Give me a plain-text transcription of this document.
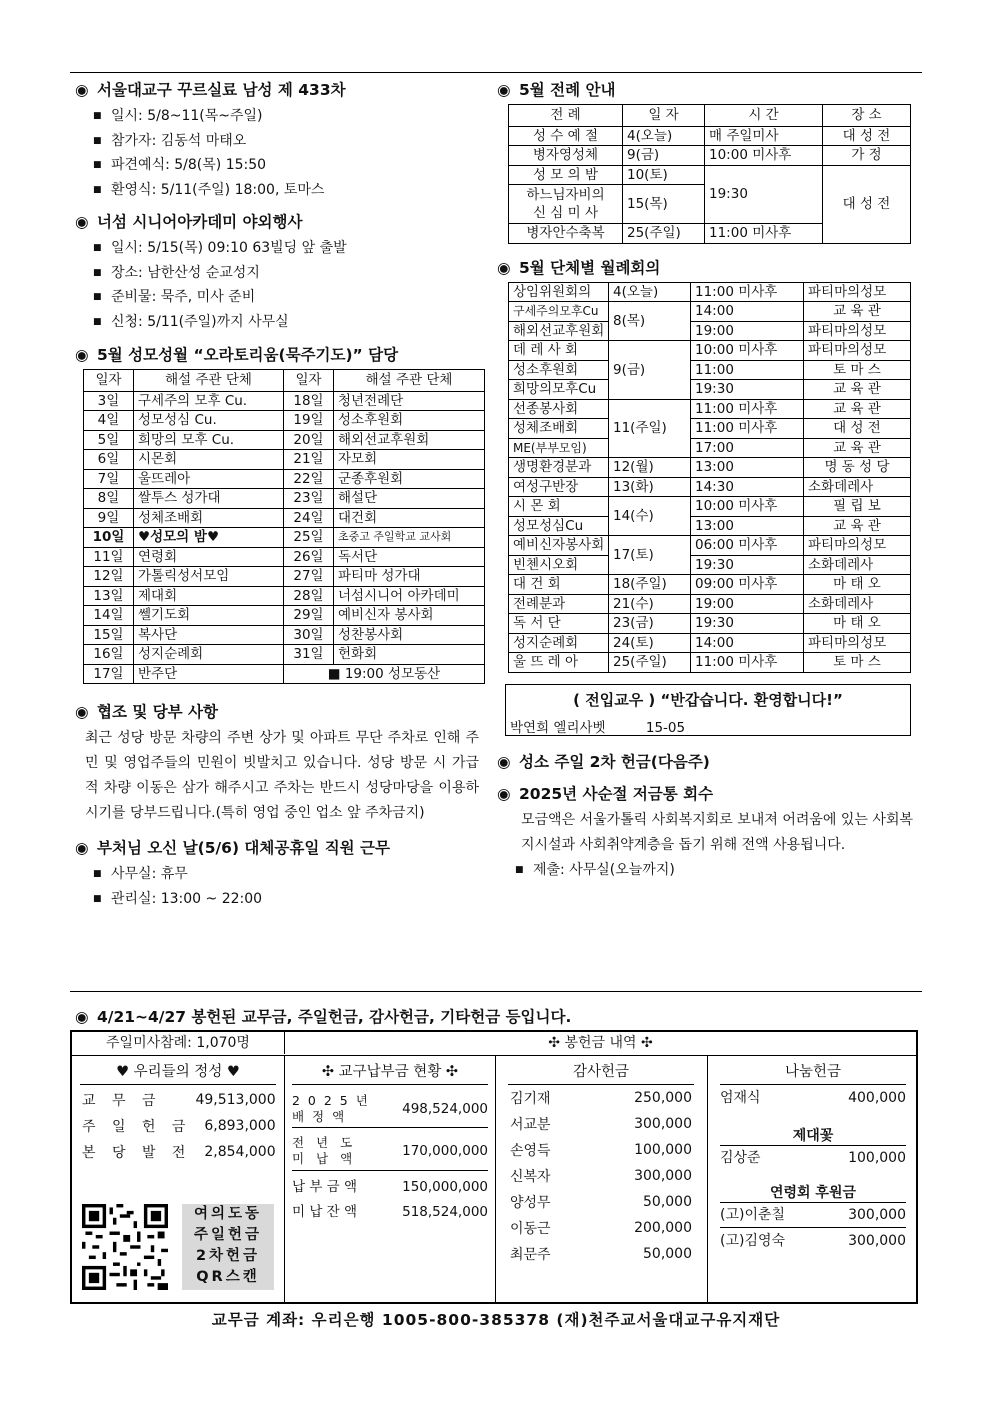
◉ 서울대교구 꾸르실료 남성 제 433차
■ 일시: 5/8~11(목~주일)
■ 참가자: 김동석 마태오
■ 파견예식: 5/8(목) 15:50
■ 환영식: 5/11(주일) 18:00, 토마스
◉ 너섬 시니어아카데미 야외행사
■ 일시: 5/15(목) 09:10 63빌딩 앞 출발
■ 장소: 남한산성 순교성지
■ 준비물: 묵주, 미사 준비
■ 신청: 5/11(주일)까지 사무실
◉ 5월 성모성월 “오라토리움(묵주기도)” 담당
일자	해설 주관 단체	일자	해설 주관 단체
3일	구세주의 모후 Cu.	18일	청년전례단
4일	성모성심 Cu.	19일	성소후원회
5일	희망의 모후 Cu.	20일	해외선교후원회
6일	시몬회	21일	자모회
7일	울뜨레아	22일	군종후원회
8일	쌀투스 성가대	23일	해설단
9일	성체조배회	24일	대건회
10일	♥성모의 밤♥	25일	초중고 주일학교 교사회
11일	연령회	26일	독서단
12일	가톨릭성서모임	27일	파티마 성가대
13일	제대회	28일	너섬시니어 아카데미
14일	쎌기도회	29일	예비신자 봉사회
15일	복사단	30일	성찬봉사회
16일	성지순례회	31일	헌화회
17일	반주단	■ 19:00 성모동산	
◉ 협조 및 당부 사항

최근 성당 방문 차량의 주변 상가 및 아파트 무단 주차로 인해 주민 및 영업주들의 민원이 빗발치고 있습니다. 성당 방문 시 가급적 차량 이동은 삼가 해주시고 주차는 반드시 성당마당을 이용하시기를 당부드립니다.(특히 영업 중인 업소 앞 주차금지)

◉ 부처님 오신 날(5/6) 대체공휴일 직원 근무
■ 사무실: 휴무
■ 관리실: 13:00 ~ 22:00
◉ 5월 전례 안내
전 례	일 자	시 간	장 소
성 수 예 절	4(오늘)	매 주일미사	대 성 전
병자영성체	9(금)	10:00 미사후	가 정
성 모 의 밤	10(토)	19:30	대 성 전

하느님자비의
신 심 미 사	15(목)		
병자안수축복	25(주일)	11:00 미사후	
◉ 5월 단체별 월례회의
상임위원회의	4(오늘)	11:00 미사후	파티마의성모
구세주의모후Cu	8(목)	14:00	교 육 관
해외선교후원회		19:00	파티마의성모
데 레 사 회	9(금)	10:00 미사후	파티마의성모
성소후원회		11:00	토 마 스
희망의모후Cu		19:30	교 육 관
선종봉사회	11(주일)	11:00 미사후	교 육 관
성체조배회		11:00 미사후	대 성 전
ME(부부모임)		17:00	교 육 관
생명환경분과	12(월)	13:00	명 동 성 당
여성구반장	13(화)	14:30	소화데레사
시 몬 회	14(수)	10:00 미사후	필 립 보
성모성심Cu		13:00	교 육 관
예비신자봉사회	17(토)	06:00 미사후	파티마의성모
빈첸시오회		19:30	소화데레사
대 건 회	18(주일)	09:00 미사후	마 태 오
전례분과	21(수)	19:00	소화데레사
독 서 단	23(금)	19:30	마 태 오
성지순례회	24(토)	14:00	파티마의성모
울 뜨 레 아	25(주일)	11:00 미사후	토 마 스
( 전입교우 ) “반갑습니다. 환영합니다!”
박연희 엘리사벳	15-05
◉ 성소 주일 2차 헌금(다음주)
◉ 2025년 사순절 저금통 회수

모금액은 서울가톨릭 사회복지회로 보내져 어려움에 있는 사회복지시설과 사회취약계층을 돕기 위해 전액 사용됩니다.

■ 제출: 사무실(오늘까지)
◉ 4/21~4/27 봉헌된 교무금, 주일헌금, 감사헌금, 기타헌금 등입니다.
주일미사참례: 1,070명	✣ 봉헌금 내역 ✣
♥ 우리들의 정성 ♥
교 무 금	49,513,000
주 일 헌 금	6,893,000
본 당 발 전	2,854,000
여의도동
주일헌금
2차헌금
QR스캔
✣ 교구납부금 현황 ✣
2 0 2 5 년
배 정 액	498,524,000
전 년 도
미 납 액	170,000,000
납 부 금 액	150,000,000
미 납 잔 액	518,524,000
감사헌금
김기재	250,000
서교분	300,000
손영득	100,000
신복자	300,000
양성무	50,000
이동근	200,000
최문주	50,000
나눔헌금
엄재식	400,000
제대꽃
김상준	100,000
연령회 후원금
(고)이춘칠	300,000
(고)김영숙	300,000
교무금 계좌: 우리은행 1005-800-385378 (재)천주교서울대교구유지재단
